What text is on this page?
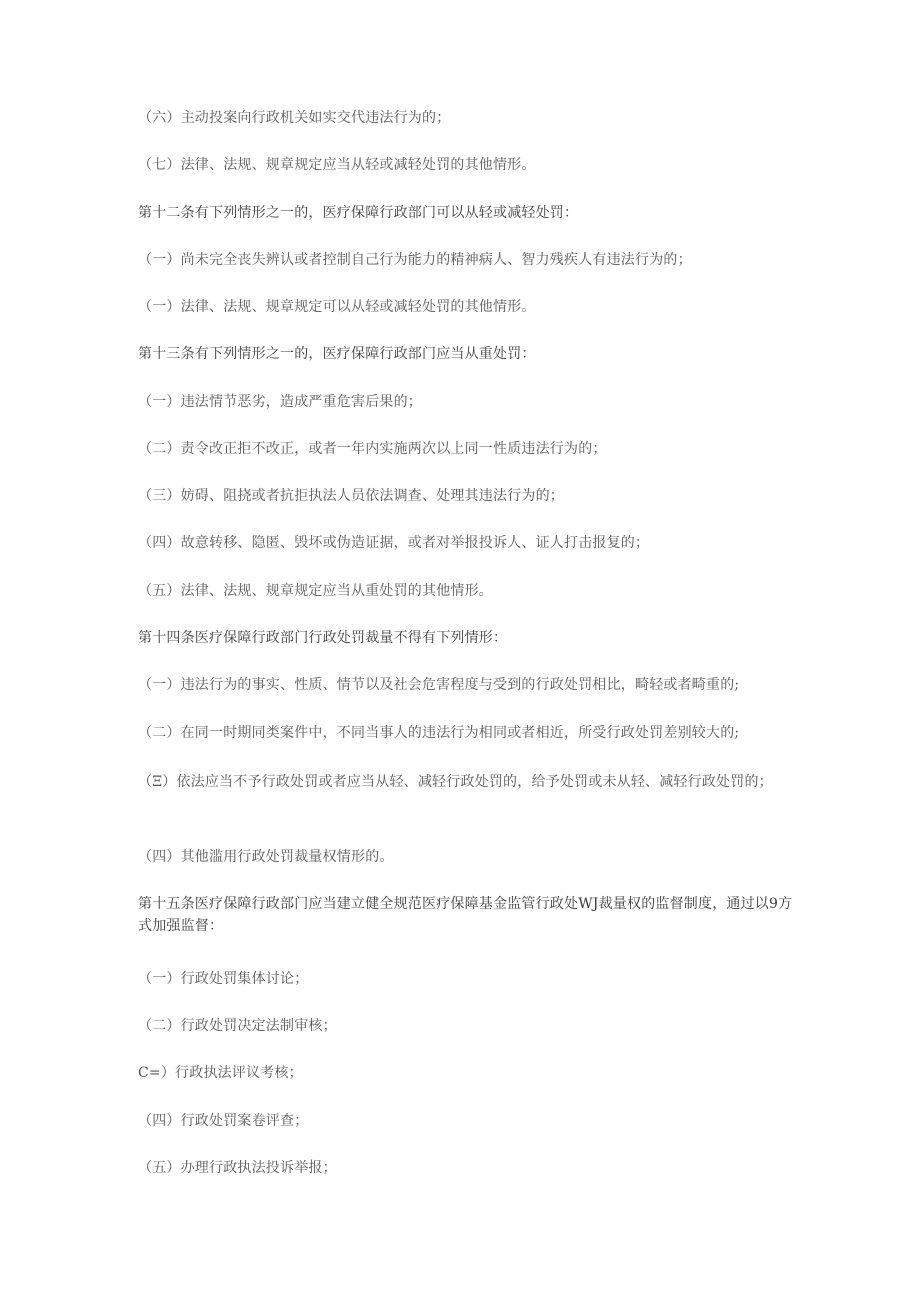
（六）主动投案向行政机关如实交代违法行为的；
（七）法律、法规、规章规定应当从轻或减轻处罚的其他情形。
第十二条有下列情形之一的，医疗保障行政部门可以从轻或减轻处罚：
（一）尚未完全丧失辨认或者控制自己行为能力的精神病人、智力残疾人有违法行为的；
（一）法律、法规、规章规定可以从轻或减轻处罚的其他情形。
第十三条有下列情形之一的，医疗保障行政部门应当从重处罚：
（一）违法情节恶劣，造成严重危害后果的；
（二）责令改正拒不改正，或者一年内实施两次以上同一性质违法行为的；
（三）妨碍、阻挠或者抗拒执法人员依法调查、处理其违法行为的；
（四）故意转移、隐匿、毁坏或伪造证据，或者对举报投诉人、证人打击报复的；
（五）法律、法规、规章规定应当从重处罚的其他情形。
第十四条医疗保障行政部门行政处罚裁量不得有下列情形：
（一）违法行为的事实、性质、情节以及社会危害程度与受到的行政处罚相比，畸轻或者畸重的;
（二）在同一时期同类案件中，不同当事人的违法行为相同或者相近，所受行政处罚差别较大的;
（Ξ）依法应当不予行政处罚或者应当从轻、减轻行政处罚的，给予处罚或未从轻、减轻行政处罚的；
（四）其他滥用行政处罚裁量权情形的。
第十五条医疗保障行政部门应当建立健全规范医疗保障基金监管行政处WJ裁量权的监督制度，通过以9方式加强监督：
（一）行政处罚集体讨论；
（二）行政处罚决定法制审核；
C=）行政执法评议考核；
（四）行政处罚案卷评查；
（五）办理行政执法投诉举报；
